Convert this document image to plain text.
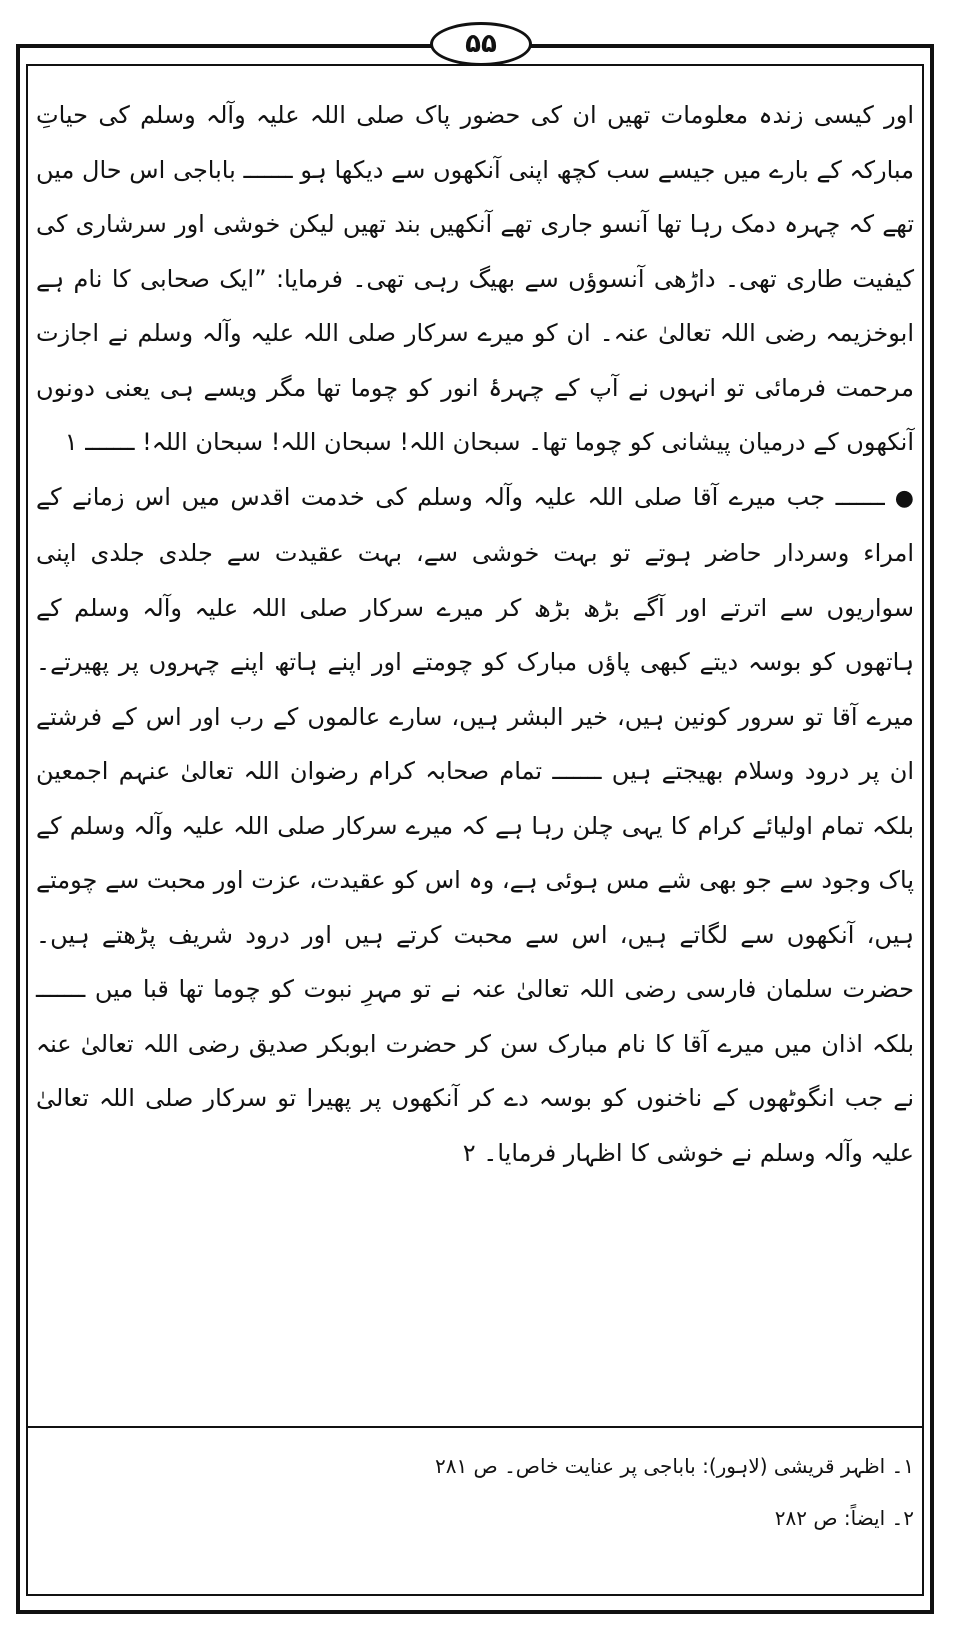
۵۵

اور کیسی زندہ معلومات تھیں ان کی حضور پاک صلی اللہ علیہ وآلہ وسلم کی حیاتِ مبارکہ کے بارے میں جیسے سب کچھ اپنی آنکھوں سے دیکھا ہو ـــــــ باباجی اس حال میں تھے کہ چہرہ دمک رہا تھا آنسو جاری تھے آنکھیں بند تھیں لیکن خوشی اور سرشاری کی کیفیت طاری تھی۔ داڑھی آنسوؤں سے بھیگ رہی تھی۔ فرمایا: ”ایک صحابی کا نام ہے ابوخزیمہ رضی اللہ تعالیٰ عنہ۔ ان کو میرے سرکار صلی اللہ علیہ وآلہ وسلم نے اجازت مرحمت فرمائی تو انہوں نے آپ کے چہرۂ انور کو چوما تھا مگر ویسے ہی یعنی دونوں آنکھوں کے درمیان پیشانی کو چوما تھا۔ سبحان اللہ! سبحان اللہ! سبحان اللہ! ـــــــ ۱

●ـــــــ جب میرے آقا صلی اللہ علیہ وآلہ وسلم کی خدمت اقدس میں اس زمانے کے امراء وسردار حاضر ہوتے تو بہت خوشی سے، بہت عقیدت سے جلدی جلدی اپنی سواریوں سے اترتے اور آگے بڑھ بڑھ کر میرے سرکار صلی اللہ علیہ وآلہ وسلم کے ہاتھوں کو بوسہ دیتے کبھی پاؤں مبارک کو چومتے اور اپنے ہاتھ اپنے چہروں پر پھیرتے۔ میرے آقا تو سرور کونین ہیں، خیر البشر ہیں، سارے عالموں کے رب اور اس کے فرشتے ان پر درود وسلام بھیجتے ہیں ـــــــ تمام صحابہ کرام رضوان اللہ تعالیٰ عنہم اجمعین بلکہ تمام اولیائے کرام کا یہی چلن رہا ہے کہ میرے سرکار صلی اللہ علیہ وآلہ وسلم کے پاک وجود سے جو بھی شے مس ہوئی ہے، وہ اس کو عقیدت، عزت اور محبت سے چومتے ہیں، آنکھوں سے لگاتے ہیں، اس سے محبت کرتے ہیں اور درود شریف پڑھتے ہیں۔ حضرت سلمان فارسی رضی اللہ تعالیٰ عنہ نے تو مہرِ نبوت کو چوما تھا قبا میں ـــــــ بلکہ اذان میں میرے آقا کا نام مبارک سن کر حضرت ابوبکر صدیق رضی اللہ تعالیٰ عنہ نے جب انگوٹھوں کے ناخنوں کو بوسہ دے کر آنکھوں پر پھیرا تو سرکار صلی اللہ تعالیٰ علیہ وآلہ وسلم نے خوشی کا اظہار فرمایا۔ ۲

۱۔ اظہر قریشی (لاہور): باباجی پر عنایت خاص۔ ص ۲۸۱

۲۔ ایضاً: ص ۲۸۲
